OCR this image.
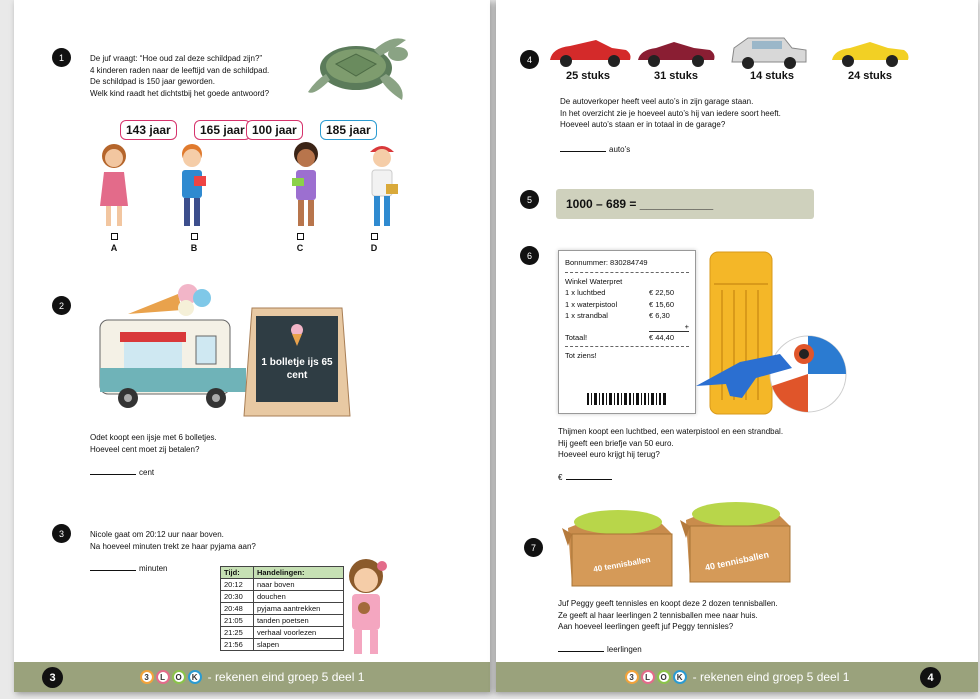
1	De juf vraagt: “Hoe oud zal deze schildpad zijn?”
4 kinderen raden naar de leeftijd van de schildpad.
De schildpad is 150 jaar geworden.
Welk kind raadt het dichtstbij het goede antwoord?
143 jaar	165 jaar 100 jaar	185 jaar
A	B	C	D
2
1 bolletje ijs 65 cent
Odet koopt een ijsje met 6 bolletjes.
Hoeveel cent moet zij betalen?
cent
3	Nicole gaat om 20:12 uur naar boven.
Na hoeveel minuten trekt ze haar pyjama aan?
minuten	Tijd:	Handelingen:
20:12	naar boven
20:30	douchen
20:48	pyjama aantrekken
21:05	tanden poetsen
21:25	verhaal voorlezen
21:56	slapen
3	3	L	O	K - rekenen eind groep 5 deel 1
4
25 stuks	31 stuks	14 stuks	24 stuks
De autoverkoper heeft veel auto’s in zijn garage staan.
In het overzicht zie je hoeveel auto’s hij van iedere soort heeft.
Hoeveel auto’s staan er in totaal in de garage?
auto’s
5	1000 – 689 = ___________
6
Bonnummer: 830284749
Winkel Waterpret
1 x luchtbed	€ 22,50
1 x waterpistool	€ 15,60
1 x strandbal	€ 6,30
+
Totaal!	€ 44,40
Tot ziens!
Thijmen koopt een luchtbed, een waterpistool en een strandbal.
Hij geeft een briefje van 50 euro.
Hoeveel euro krijgt hij terug?
€
7
40 tennisballen	40 tennisballen
Juf Peggy geeft tennisles en koopt deze 2 dozen tennisballen.
Ze geeft al haar leerlingen 2 tennisballen mee naar huis.
Aan hoeveel leerlingen geeft juf Peggy tennisles?
leerlingen
3	L	O	K - rekenen eind groep 5 deel 1	4
